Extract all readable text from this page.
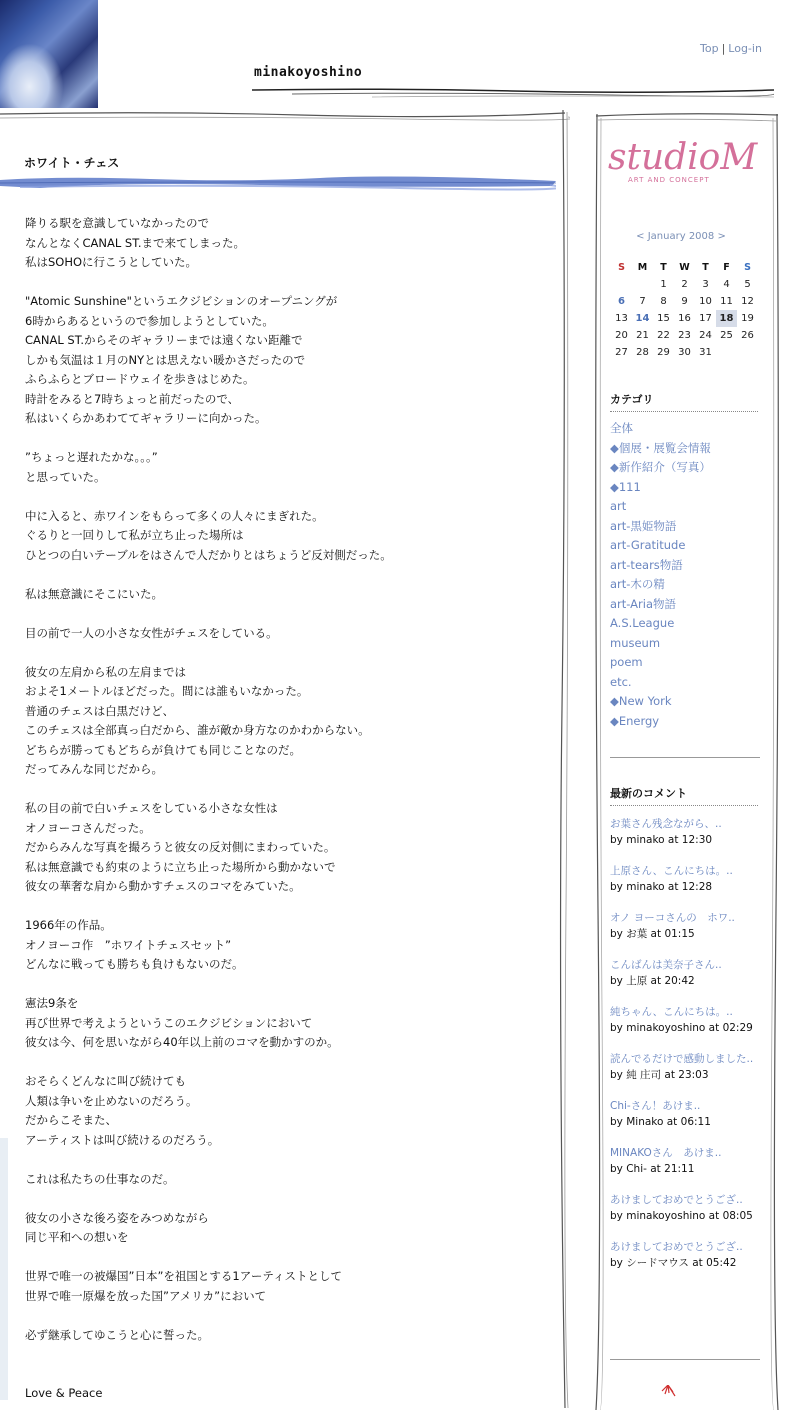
minakoyoshino
Top | Log-in
ホワイト・チェス

降りる駅を意識していなかったので

なんとなくCANAL ST.まで来てしまった。

私はSOHOに行こうとしていた。

"Atomic Sunshine"というエクジビションのオープニングが

6時からあるというので参加しようとしていた。

CANAL ST.からそのギャラリーまでは遠くない距離で

しかも気温は１月のNYとは思えない暖かさだったので

ふらふらとブロードウェイを歩きはじめた。

時計をみると7時ちょっと前だったので、

私はいくらかあわててギャラリーに向かった。

”ちょっと遅れたかな。。。”

と思っていた。

中に入ると、赤ワインをもらって多くの人々にまぎれた。

ぐるりと一回りして私が立ち止った場所は

ひとつの白いテーブルをはさんで人だかりとはちょうど反対側だった。

私は無意識にそこにいた。

目の前で一人の小さな女性がチェスをしている。

彼女の左肩から私の左肩までは

およそ1メートルほどだった。間には誰もいなかった。

普通のチェスは白黒だけど、

このチェスは全部真っ白だから、誰が敵か身方なのかわからない。

どちらが勝ってもどちらが負けても同じことなのだ。

だってみんな同じだから。

私の目の前で白いチェスをしている小さな女性は

オノヨーコさんだった。

だからみんな写真を撮ろうと彼女の反対側にまわっていた。

私は無意識でも約束のように立ち止った場所から動かないで

彼女の華奢な肩から動かすチェスのコマをみていた。

1966年の作品。

オノヨーコ作　”ホワイトチェスセット”

どんなに戦っても勝ちも負けもないのだ。

憲法9条を

再び世界で考えようというこのエクジビションにおいて

彼女は今、何を思いながら40年以上前のコマを動かすのか。

おそらくどんなに叫び続けても

人類は争いを止めないのだろう。

だからこそまた、

アーティストは叫び続けるのだろう。

これは私たちの仕事なのだ。

彼女の小さな後ろ姿をみつめながら

同じ平和への想いを

世界で唯一の被爆国”日本”を祖国とする1アーティストとして

世界で唯一原爆を放った国”アメリカ”において

必ず継承してゆこうと心に誓った。

Love & Peace

studioM
ART AND CONCEPT
< January 2008 >
S	M	T	W	T	F	S
		1	2	3	4	5
6	7	8	9	10	11	12
13	14	15	16	17	18	19
20	21	22	23	24	25	26
27	28	29	30	31		
カテゴリ
全体
◆個展・展覧会情報
◆新作紹介（写真）
◆111
art
art-黒姫物語
art-Gratitude
art-tears物語
art-木の精
art-Aria物語
A.S.League
museum
poem
etc.
◆New York
◆Energy
最新のコメント
お葉さん残念ながら、..
by minako at 12:30
上原さん、こんにちは。..
by minako at 12:28
オノ ヨーコさんの　ホワ..
by お葉 at 01:15
こんばんは美奈子さん..
by 上原 at 20:42
純ちゃん、こんにちは。..
by minakoyoshino at 02:29
読んでるだけで感動しました..
by 純 庄司 at 23:03
Chi-さん！あけま..
by Minako at 06:11
MINAKOさん　あけま..
by Chi- at 21:11
あけましておめでとうござ..
by minakoyoshino at 08:05
あけましておめでとうござ..
by シードマウス at 05:42
